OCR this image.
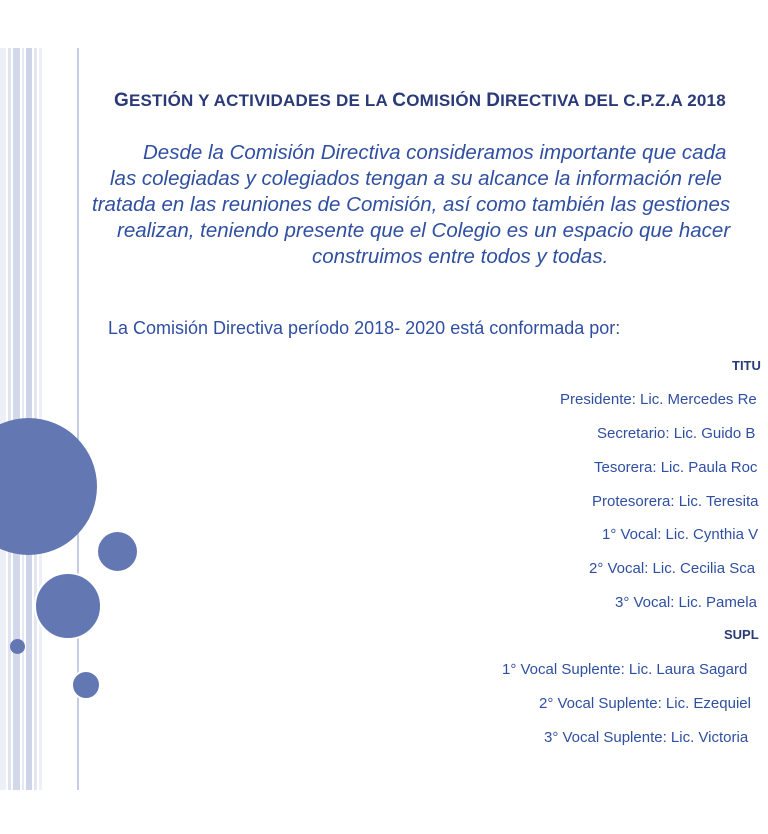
GESTIÓN Y ACTIVIDADES DE LA COMISIÓN DIRECTIVA DEL C.P.Z.A 2018
Desde la Comisión Directiva consideramos importante que cada
las colegiadas y colegiados tengan a su alcance la información rele
tratada en las reuniones de Comisión, así como también las gestiones
realizan, teniendo presente que el Colegio es un espacio que hacer
construimos entre todos y todas.
La Comisión Directiva período 2018- 2020 está conformada por:
TITU
Presidente: Lic. Mercedes Re
Secretario: Lic. Guido B
Tesorera: Lic. Paula Roc
Protesorera: Lic. Teresita
1° Vocal: Lic. Cynthia V
2° Vocal: Lic. Cecilia Sca
3° Vocal: Lic. Pamela
SUPL
1° Vocal Suplente: Lic. Laura Sagard
2° Vocal Suplente: Lic. Ezequiel
3° Vocal Suplente: Lic. Victoria
